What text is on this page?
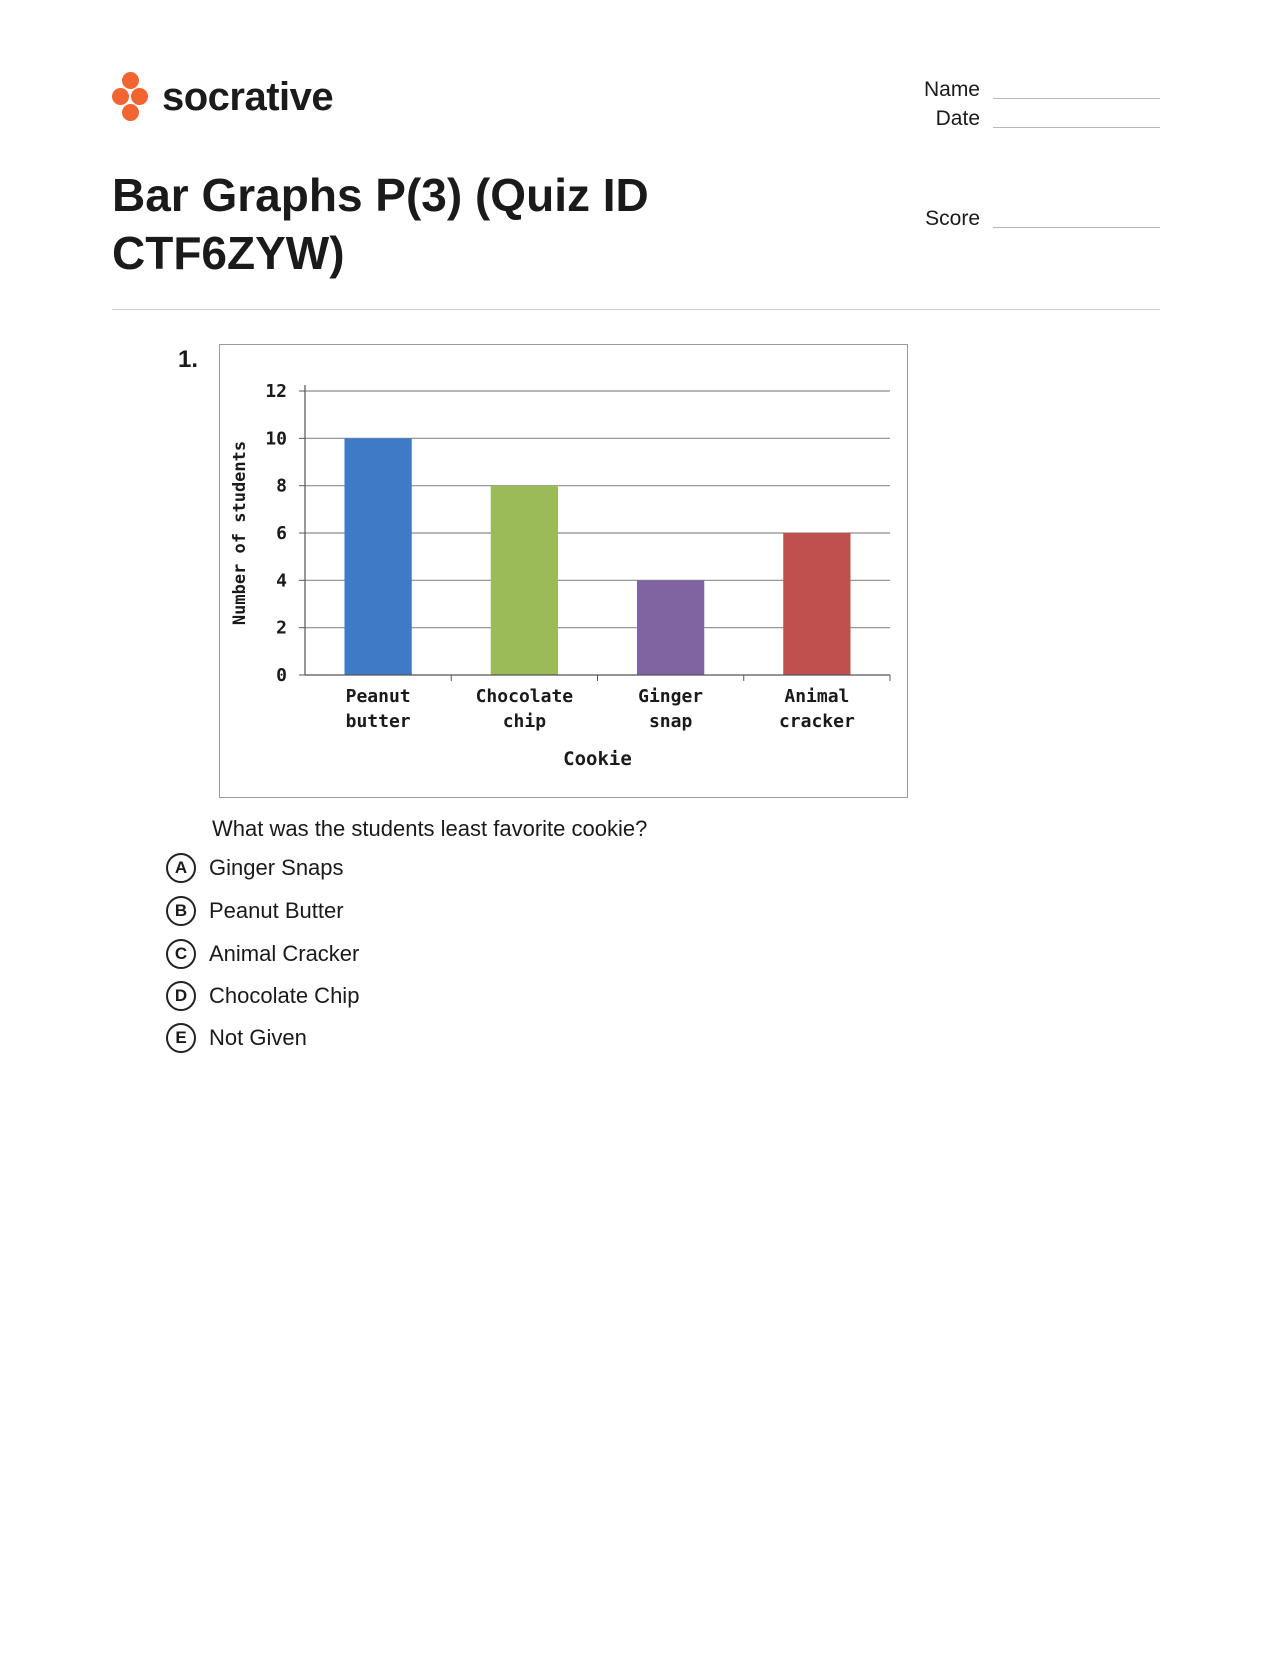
socrative	Name
Date
Score
Bar Graphs P(3) (Quiz ID CTF6ZYW)
1.
0
2
4
6
8
10
12
Peanut
butter
Chocolate
chip
Ginger
snap
Animal
cracker
Cookie
Number of students
What was the students least favorite cookie?
A Ginger Snaps
B Peanut Butter
C Animal Cracker
D Chocolate Chip
E	Not Given
